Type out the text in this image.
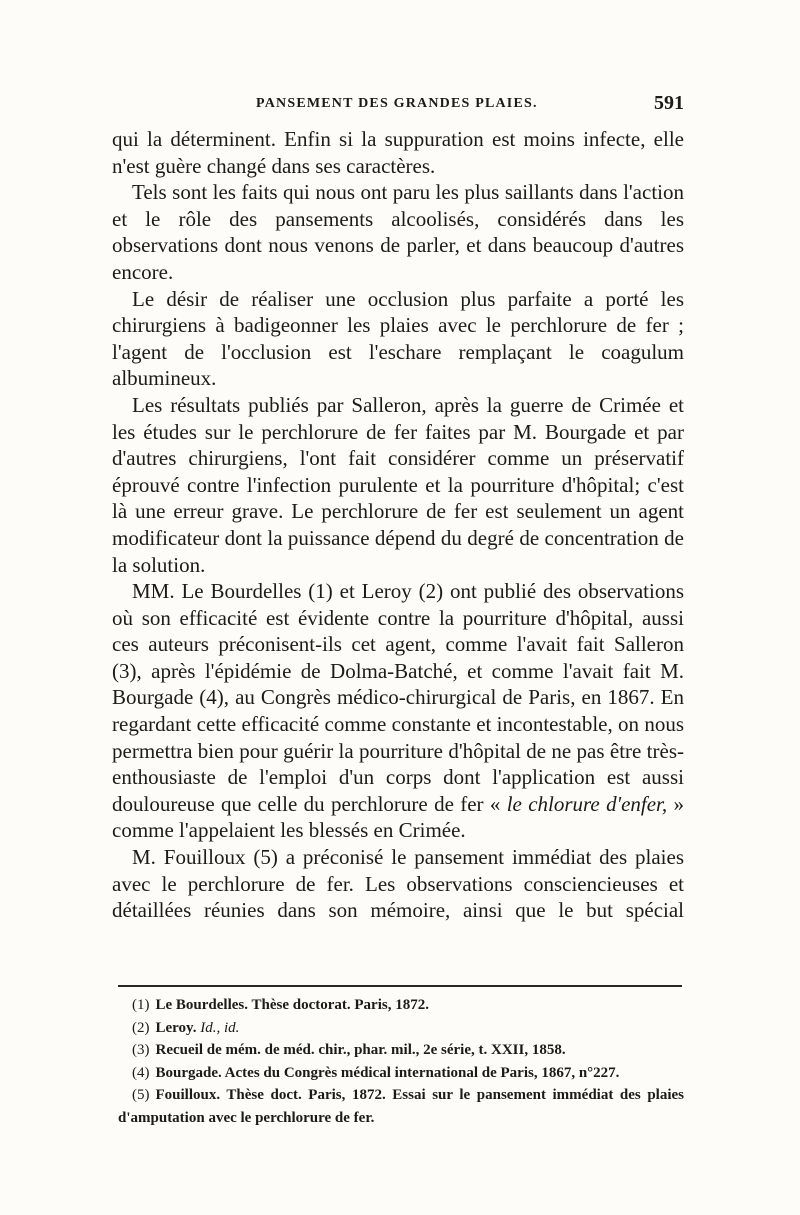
PANSEMENT DES GRANDES PLAIES.	591

qui la déterminent. Enfin si la suppuration est moins infecte, elle n'est guère changé dans ses caractères.

Tels sont les faits qui nous ont paru les plus saillants dans l'action et le rôle des pansements alcoolisés, considérés dans les observations dont nous venons de parler, et dans beaucoup d'autres encore.

Le désir de réaliser une occlusion plus parfaite a porté les chirurgiens à badigeonner les plaies avec le perchlorure de fer ; l'agent de l'occlusion est l'eschare remplaçant le coagulum albumineux.

Les résultats publiés par Salleron, après la guerre de Crimée et les études sur le perchlorure de fer faites par M. Bourgade et par d'autres chirurgiens, l'ont fait considérer comme un préservatif éprouvé contre l'infection purulente et la pourriture d'hôpital; c'est là une erreur grave. Le perchlorure de fer est seulement un agent modificateur dont la puissance dépend du degré de concentration de la solution.

MM. Le Bourdelles (1) et Leroy (2) ont publié des observations où son efficacité est évidente contre la pourriture d'hôpital, aussi ces auteurs préconisent-ils cet agent, comme l'avait fait Salleron (3), après l'épidémie de Dolma-Batché, et comme l'avait fait M. Bourgade (4), au Congrès médico-chirurgical de Paris, en 1867. En regardant cette efficacité comme constante et incontestable, on nous permettra bien pour guérir la pourriture d'hôpital de ne pas être très-enthousiaste de l'emploi d'un corps dont l'application est aussi douloureuse que celle du perchlorure de fer « le chlorure d'enfer, » comme l'appelaient les blessés en Crimée.

M. Fouilloux (5) a préconisé le pansement immédiat des plaies avec le perchlorure de fer. Les observations consciencieuses et détaillées réunies dans son mémoire, ainsi que le but spécial

(1) Le Bourdelles. Thèse doctorat. Paris, 1872.

(2) Leroy. Id., id.

(3) Recueil de mém. de méd. chir., phar. mil., 2e série, t. XXII, 1858.

(4) Bourgade. Actes du Congrès médical international de Paris, 1867, n°227.

(5) Fouilloux. Thèse doct. Paris, 1872. Essai sur le pansement immédiat des plaies d'amputation avec le perchlorure de fer.
